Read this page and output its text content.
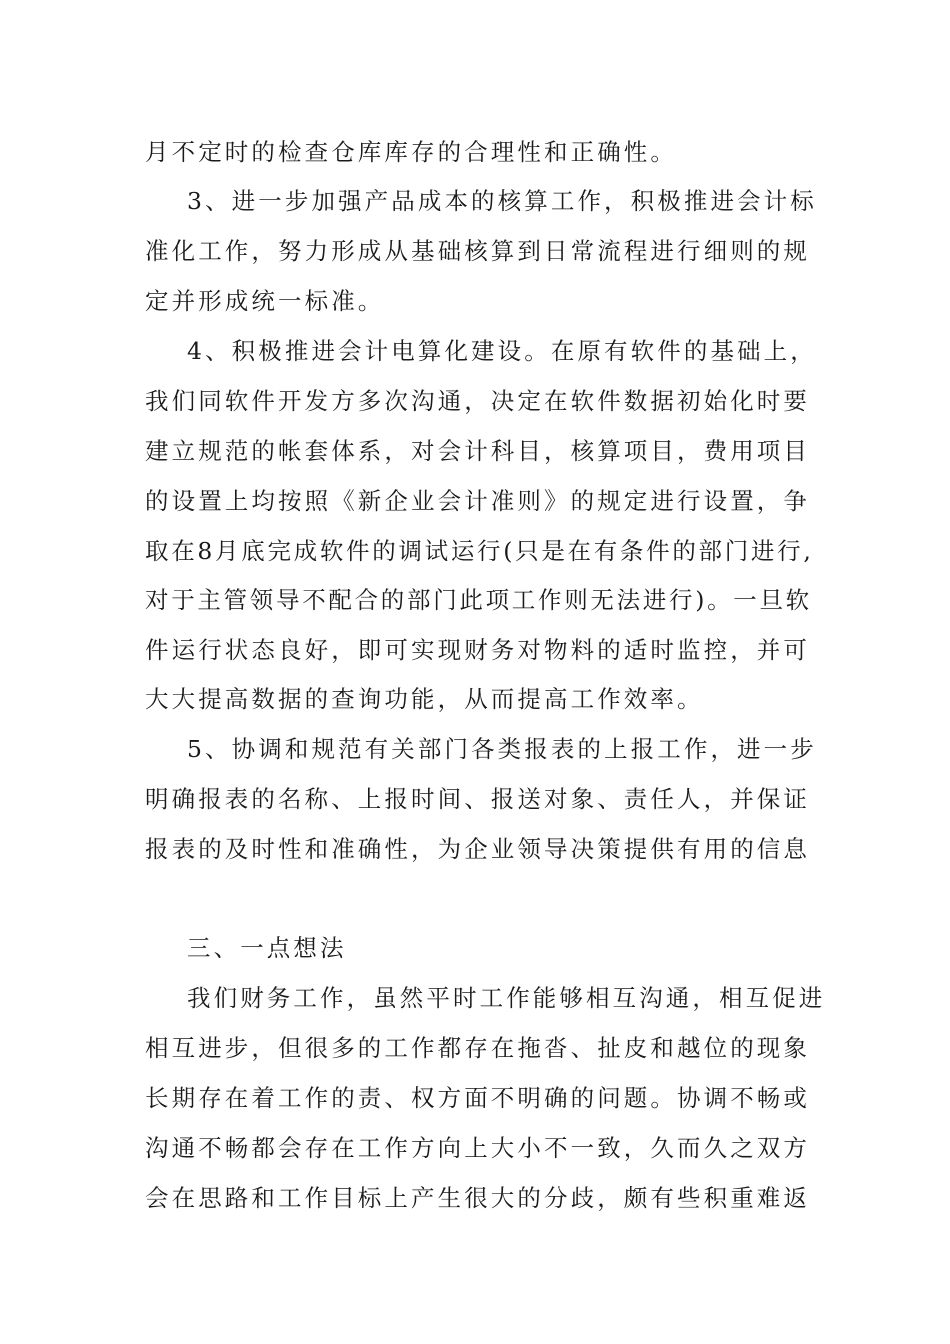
月不定时的检查仓库库存的合理性和正确性。
3、进一步加强产品成本的核算工作，积极推进会计标
准化工作，努力形成从基础核算到日常流程进行细则的规
定并形成统一标准。
4、积极推进会计电算化建设。在原有软件的基础上，
我们同软件开发方多次沟通，决定在软件数据初始化时要
建立规范的帐套体系，对会计科目，核算项目，费用项目
的设置上均按照《新企业会计准则》的规定进行设置，争
取在8月底完成软件的调试运行(只是在有条件的部门进行,
对于主管领导不配合的部门此项工作则无法进行)。一旦软
件运行状态良好，即可实现财务对物料的适时监控，并可
大大提高数据的查询功能，从而提高工作效率。
5、协调和规范有关部门各类报表的上报工作，进一步
明确报表的名称、上报时间、报送对象、责任人，并保证
报表的及时性和准确性，为企业领导决策提供有用的信息
三、一点想法
我们财务工作，虽然平时工作能够相互沟通，相互促进
相互进步，但很多的工作都存在拖沓、扯皮和越位的现象
长期存在着工作的责、权方面不明确的问题。协调不畅或
沟通不畅都会存在工作方向上大小不一致，久而久之双方
会在思路和工作目标上产生很大的分歧，颇有些积重难返
